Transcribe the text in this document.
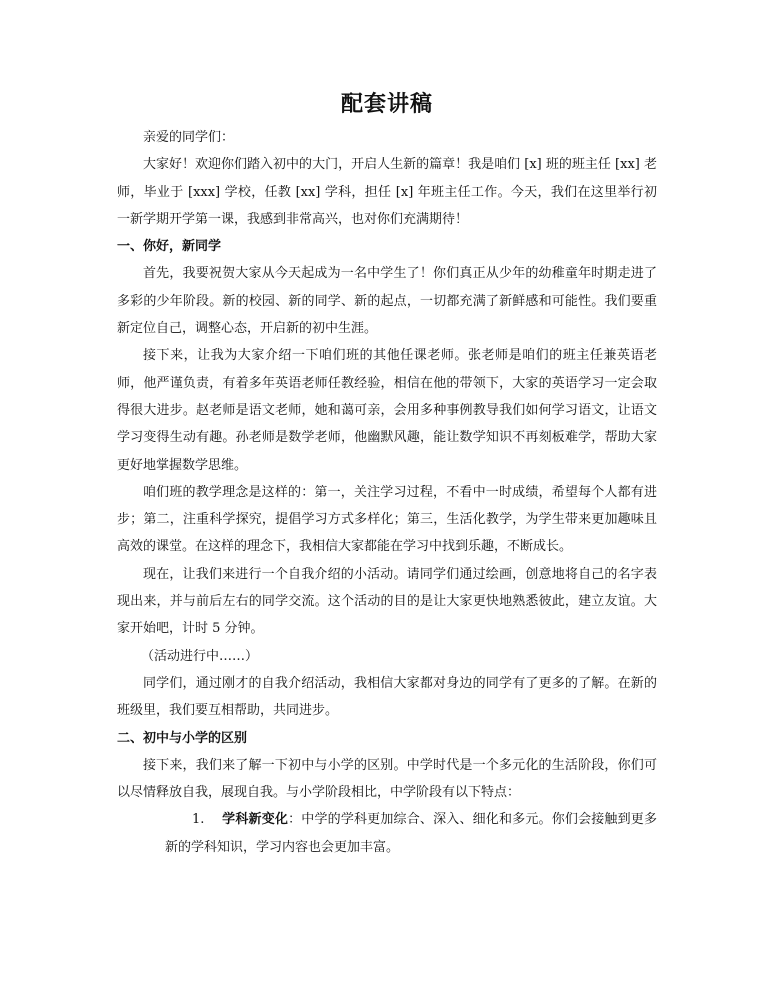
配套讲稿

亲爱的同学们：

大家好！欢迎你们踏入初中的大门，开启人生新的篇章！我是咱们 [x] 班的班主任 [xx] 老师，毕业于 [xxx] 学校，任教 [xx] 学科，担任 [x] 年班主任工作。今天，我们在这里举行初一新学期开学第一课，我感到非常高兴，也对你们充满期待！

一、你好，新同学

首先，我要祝贺大家从今天起成为一名中学生了！你们真正从少年的幼稚童年时期走进了多彩的少年阶段。新的校园、新的同学、新的起点，一切都充满了新鲜感和可能性。我们要重新定位自己，调整心态，开启新的初中生涯。

接下来，让我为大家介绍一下咱们班的其他任课老师。张老师是咱们的班主任兼英语老师，他严谨负责，有着多年英语老师任教经验，相信在他的带领下，大家的英语学习一定会取得很大进步。赵老师是语文老师，她和蔼可亲，会用多种事例教导我们如何学习语文，让语文学习变得生动有趣。孙老师是数学老师，他幽默风趣，能让数学知识不再刻板难学，帮助大家更好地掌握数学思维。

咱们班的教学理念是这样的：第一，关注学习过程，不看中一时成绩，希望每个人都有进步；第二，注重科学探究，提倡学习方式多样化；第三，生活化教学，为学生带来更加趣味且高效的课堂。在这样的理念下，我相信大家都能在学习中找到乐趣，不断成长。

现在，让我们来进行一个自我介绍的小活动。请同学们通过绘画，创意地将自己的名字表现出来，并与前后左右的同学交流。这个活动的目的是让大家更快地熟悉彼此，建立友谊。大家开始吧，计时 5 分钟。

（活动进行中……）

同学们，通过刚才的自我介绍活动，我相信大家都对身边的同学有了更多的了解。在新的班级里，我们要互相帮助，共同进步。

二、初中与小学的区别

接下来，我们来了解一下初中与小学的区别。中学时代是一个多元化的生活阶段，你们可以尽情释放自我，展现自我。与小学阶段相比，中学阶段有以下特点：

1. 学科新变化：中学的学科更加综合、深入、细化和多元。你们会接触到更多新的学科知识，学习内容也会更加丰富。
